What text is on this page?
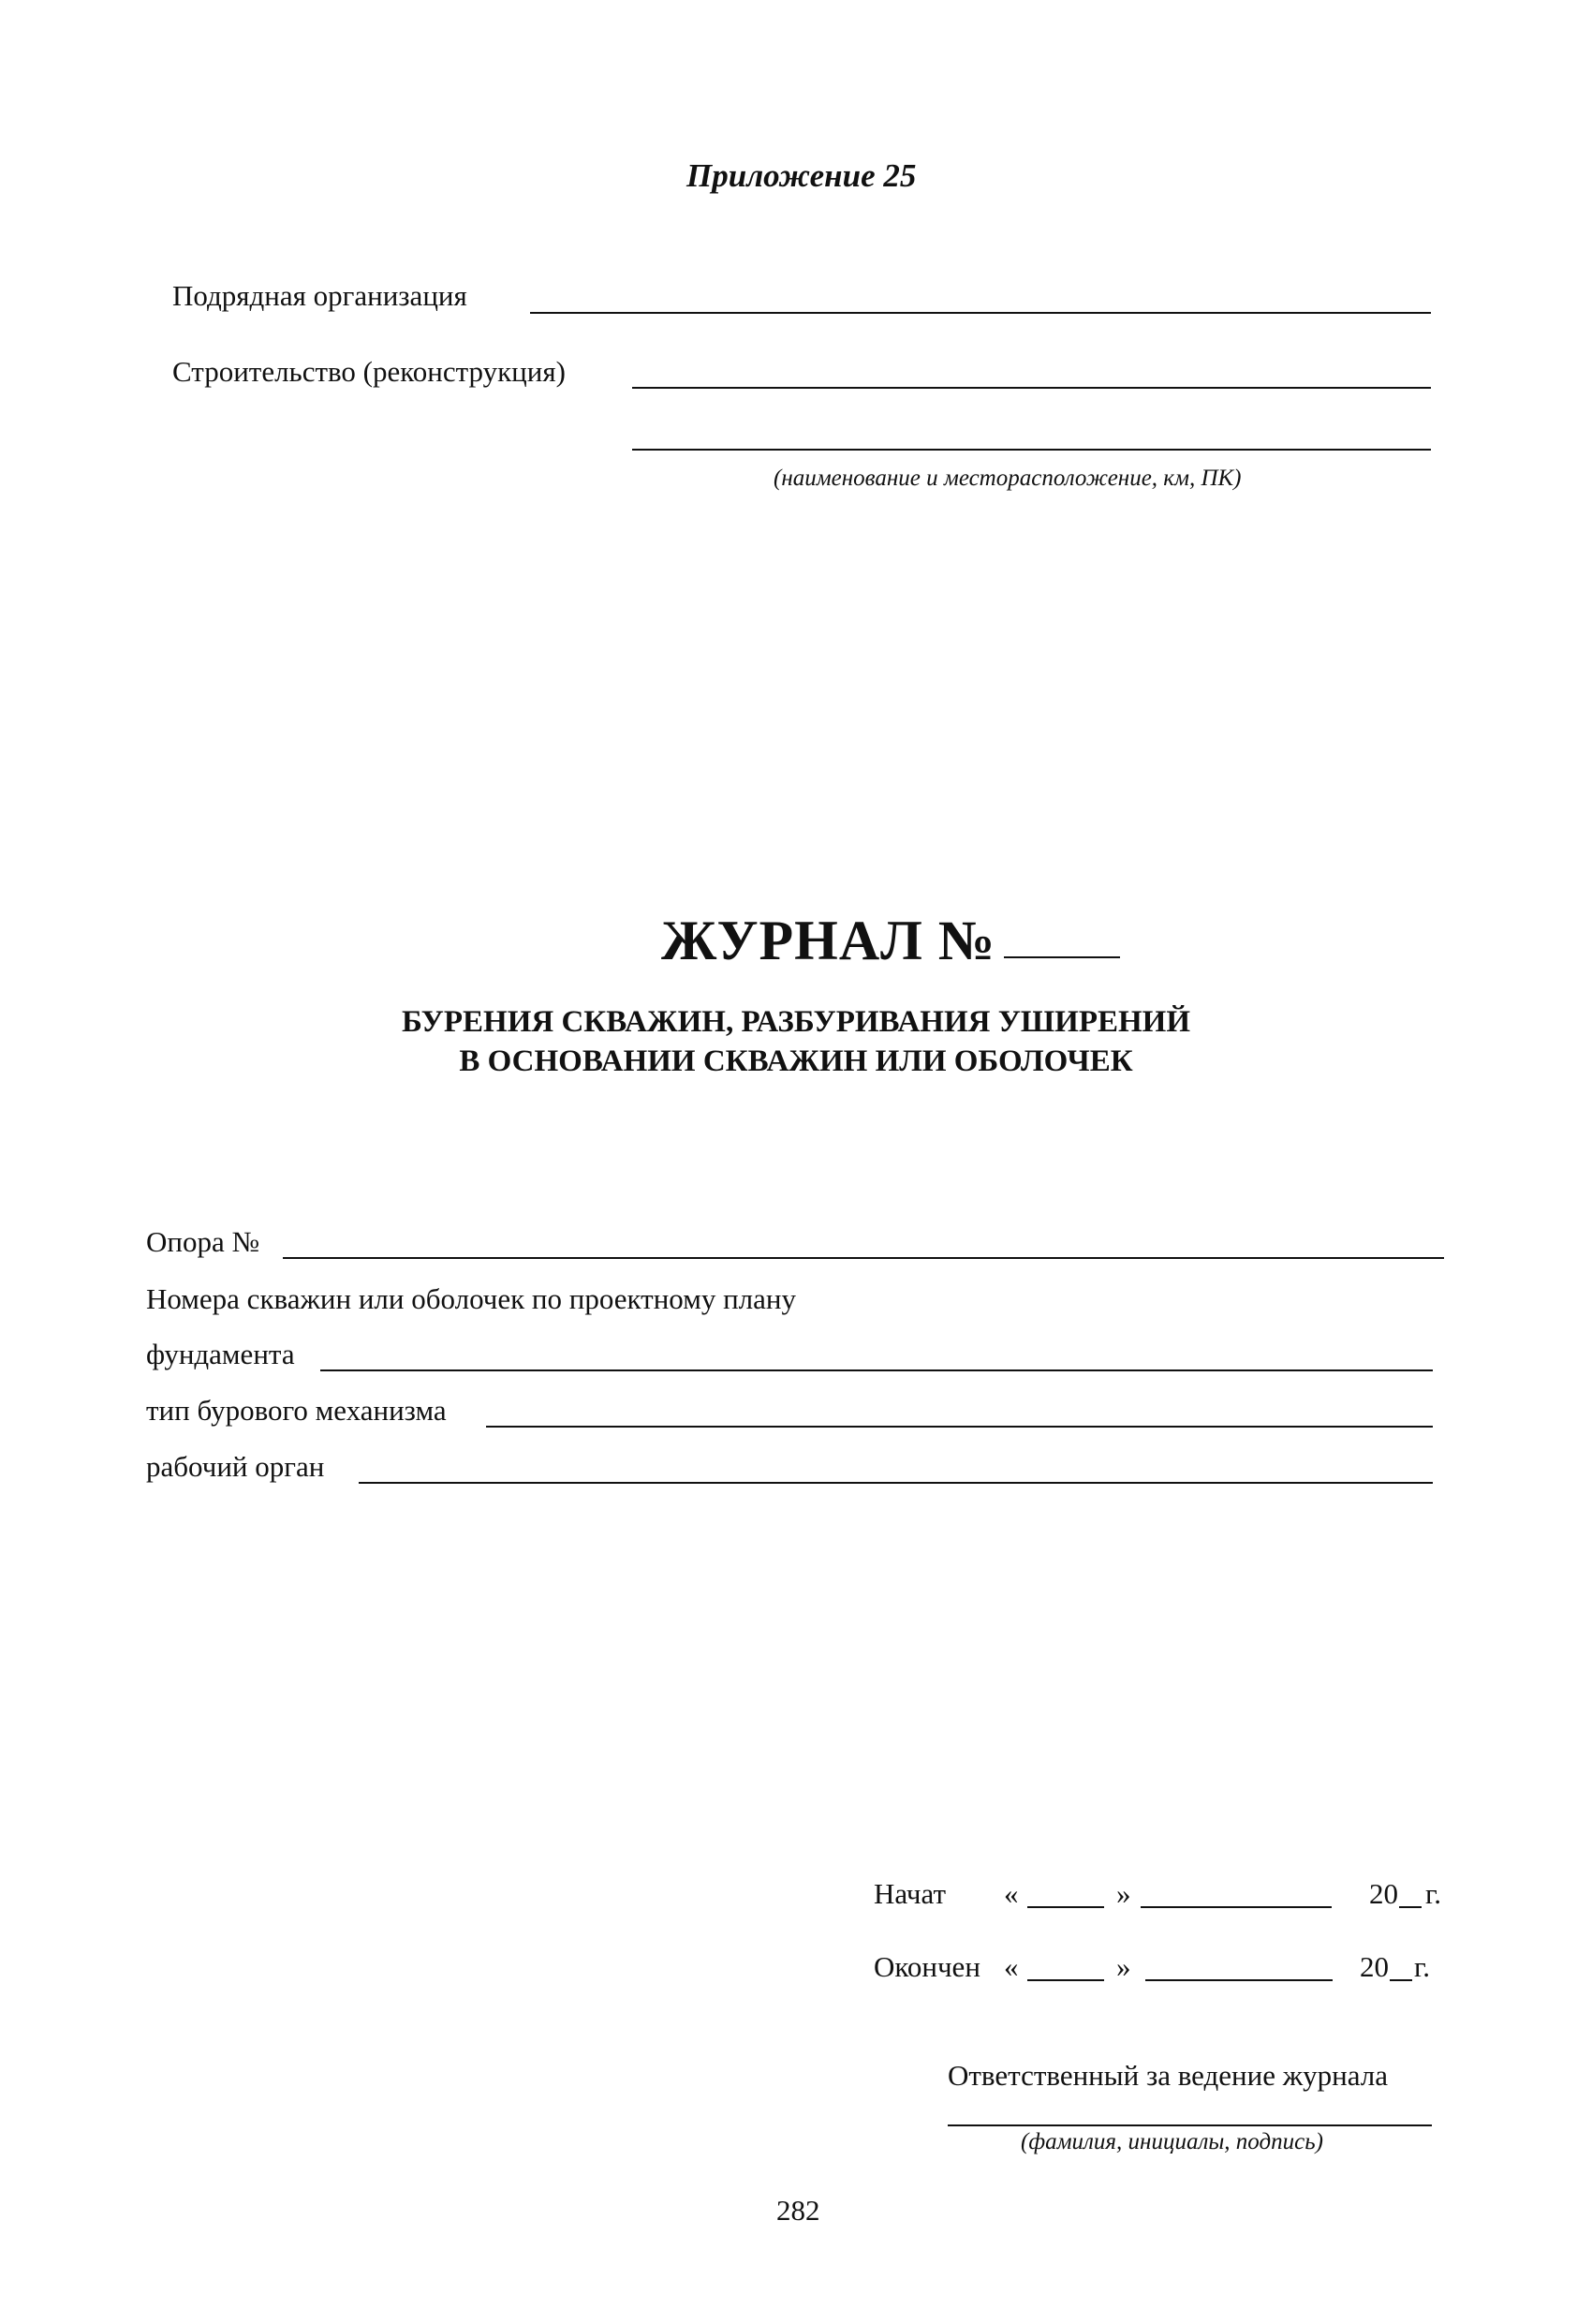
Приложение 25
Подрядная организация
Строительство (реконструкция)
(наименование и месторасположение, км, ПК)
ЖУРНАЛ №
БУРЕНИЯ СКВАЖИН, РАЗБУРИВАНИЯ УШИРЕНИЙ
В ОСНОВАНИИ СКВАЖИН ИЛИ ОБОЛОЧЕК
Опора №
Номера скважин или оболочек по проектному плану
фундамента
тип бурового механизма
рабочий орган
Начат «	»	20 г.
Окончен «	»	20 г.
Ответственный за ведение журнала
(фамилия, инициалы, подпись)
282
